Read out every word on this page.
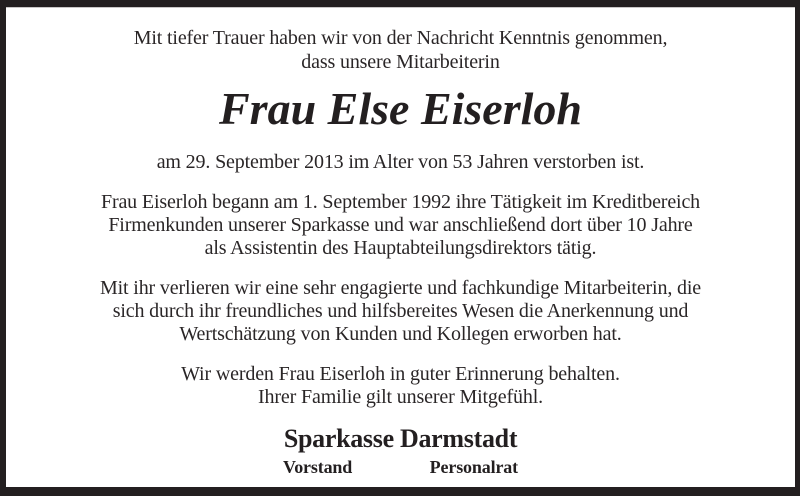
Mit tiefer Trauer haben wir von der Nachricht Kenntnis genommen,
dass unsere Mitarbeiterin
Frau Else Eiserloh
am 29. September 2013 im Alter von 53 Jahren verstorben ist.
Frau Eiserloh begann am 1. September 1992 ihre Tätigkeit im Kreditbereich
Firmenkunden unserer Sparkasse und war anschließend dort über 10 Jahre
als Assistentin des Hauptabteilungsdirektors tätig.
Mit ihr verlieren wir eine sehr engagierte und fachkundige Mitarbeiterin, die
sich durch ihr freundliches und hilfsbereites Wesen die Anerkennung und
Wertschätzung von Kunden und Kollegen erworben hat.
Wir werden Frau Eiserloh in guter Erinnerung behalten.
Ihrer Familie gilt unserer Mitgefühl.
Sparkasse Darmstadt
Vorstand	Personalrat
